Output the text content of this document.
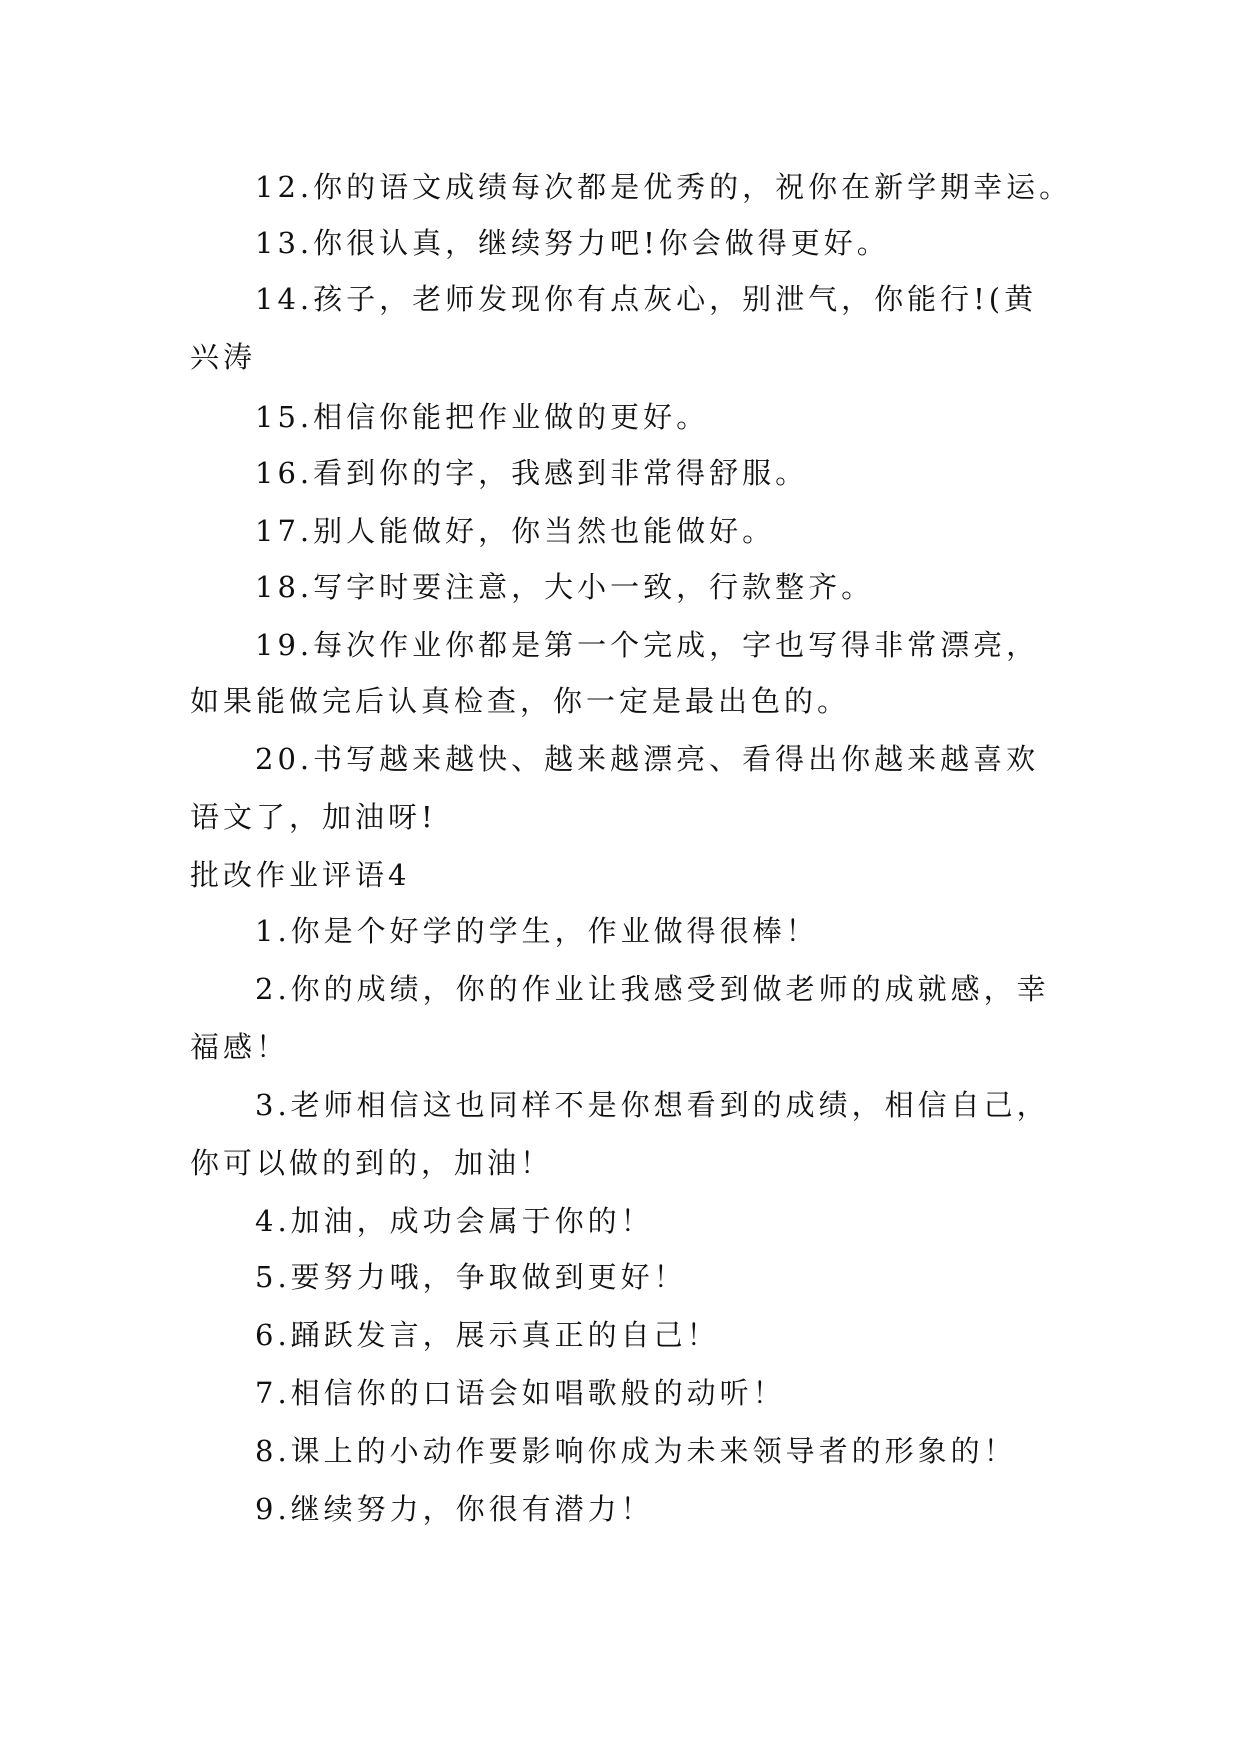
12.你的语文成绩每次都是优秀的，祝你在新学期幸运。
13.你很认真，继续努力吧!你会做得更好。
14.孩子，老师发现你有点灰心，别泄气，你能行!(黄
兴涛
15.相信你能把作业做的更好。
16.看到你的字，我感到非常得舒服。
17.别人能做好，你当然也能做好。
18.写字时要注意，大小一致，行款整齐。
19.每次作业你都是第一个完成，字也写得非常漂亮，
如果能做完后认真检查，你一定是最出色的。
20.书写越来越快、越来越漂亮、看得出你越来越喜欢
语文了，加油呀!
批改作业评语4
1.你是个好学的学生，作业做得很棒！
2.你的成绩，你的作业让我感受到做老师的成就感，幸
福感！
3.老师相信这也同样不是你想看到的成绩，相信自己，
你可以做的到的，加油！
4.加油，成功会属于你的！
5.要努力哦，争取做到更好！
6.踊跃发言，展示真正的自己！
7.相信你的口语会如唱歌般的动听！
8.课上的小动作要影响你成为未来领导者的形象的！
9.继续努力，你很有潜力！
